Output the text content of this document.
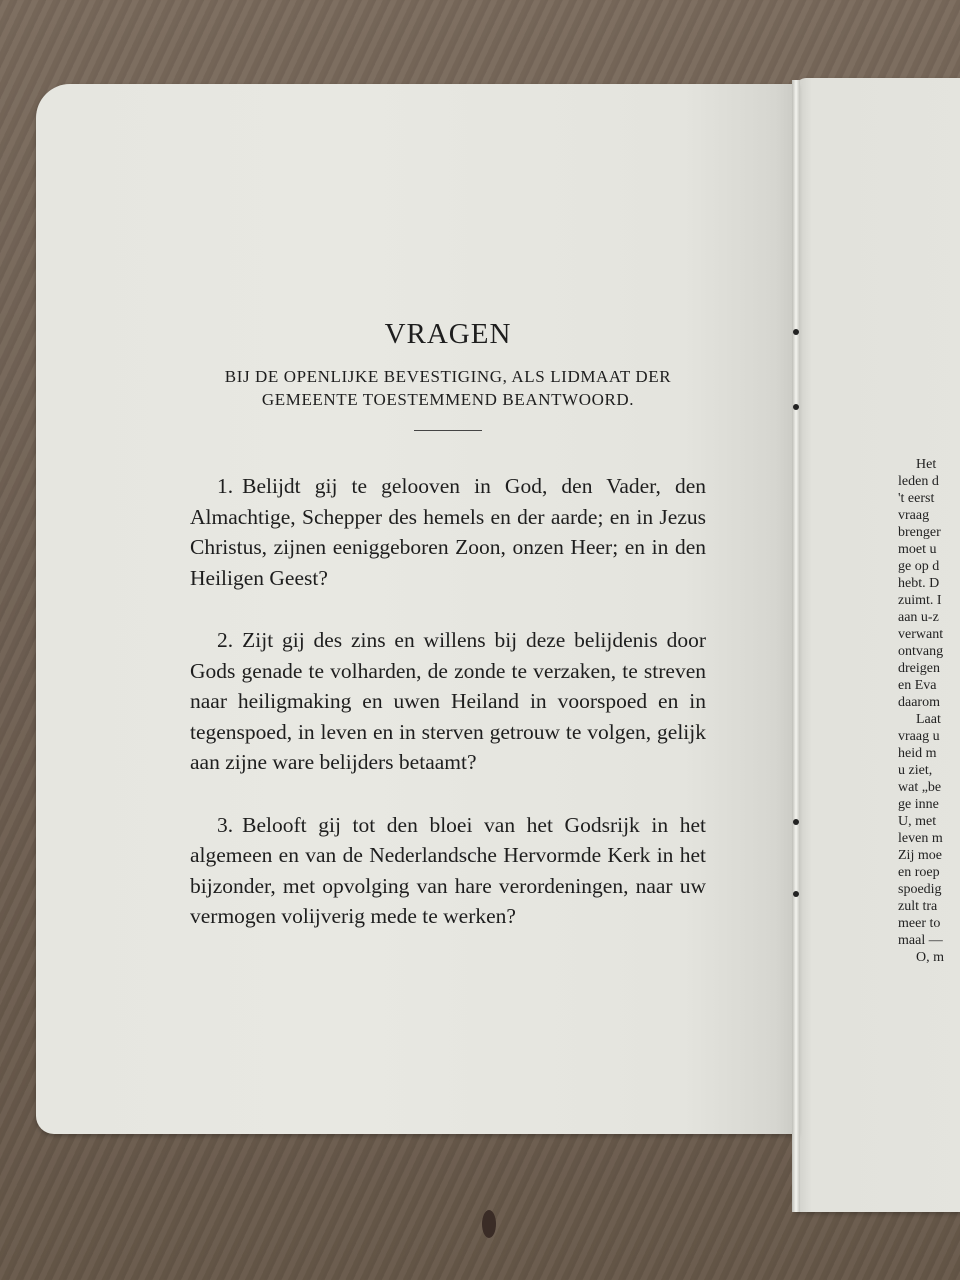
VRAGEN

BIJ DE OPENLIJKE BEVESTIGING, ALS LIDMAAT DER
GEMEENTE TOESTEMMEND BEANTWOORD.

1. Belijdt gij te gelooven in God, den Vader, den Almachtige, Schepper des hemels en der aarde; en in Jezus Christus, zijnen eeniggeboren Zoon, onzen Heer; en in den Heiligen Geest?

2. Zijt gij des zins en willens bij deze belijdenis door Gods genade te volharden, de zonde te verzaken, te streven naar heiligmaking en uwen Heiland in voorspoed en in tegenspoed, in leven en in sterven getrouw te volgen, gelijk aan zijne ware belijders betaamt?

3. Belooft gij tot den bloei van het Godsrijk in het algemeen en van de Nederlandsche Hervormde Kerk in het bijzonder, met opvolging van hare verordeningen, naar uw vermogen volijverig mede te werken?

Het
leden d
't eerst
vraag
brenger
moet u
ge op d
hebt. D
zuimt. I
aan u-z
verwant
ontvang
dreigen
en Eva
daarom
Laat
vraag u
heid m
u ziet,
wat „be
ge inne
U, met
leven m
Zij moe
en roep
spoedig
zult tra
meer to
maal —
O, m
